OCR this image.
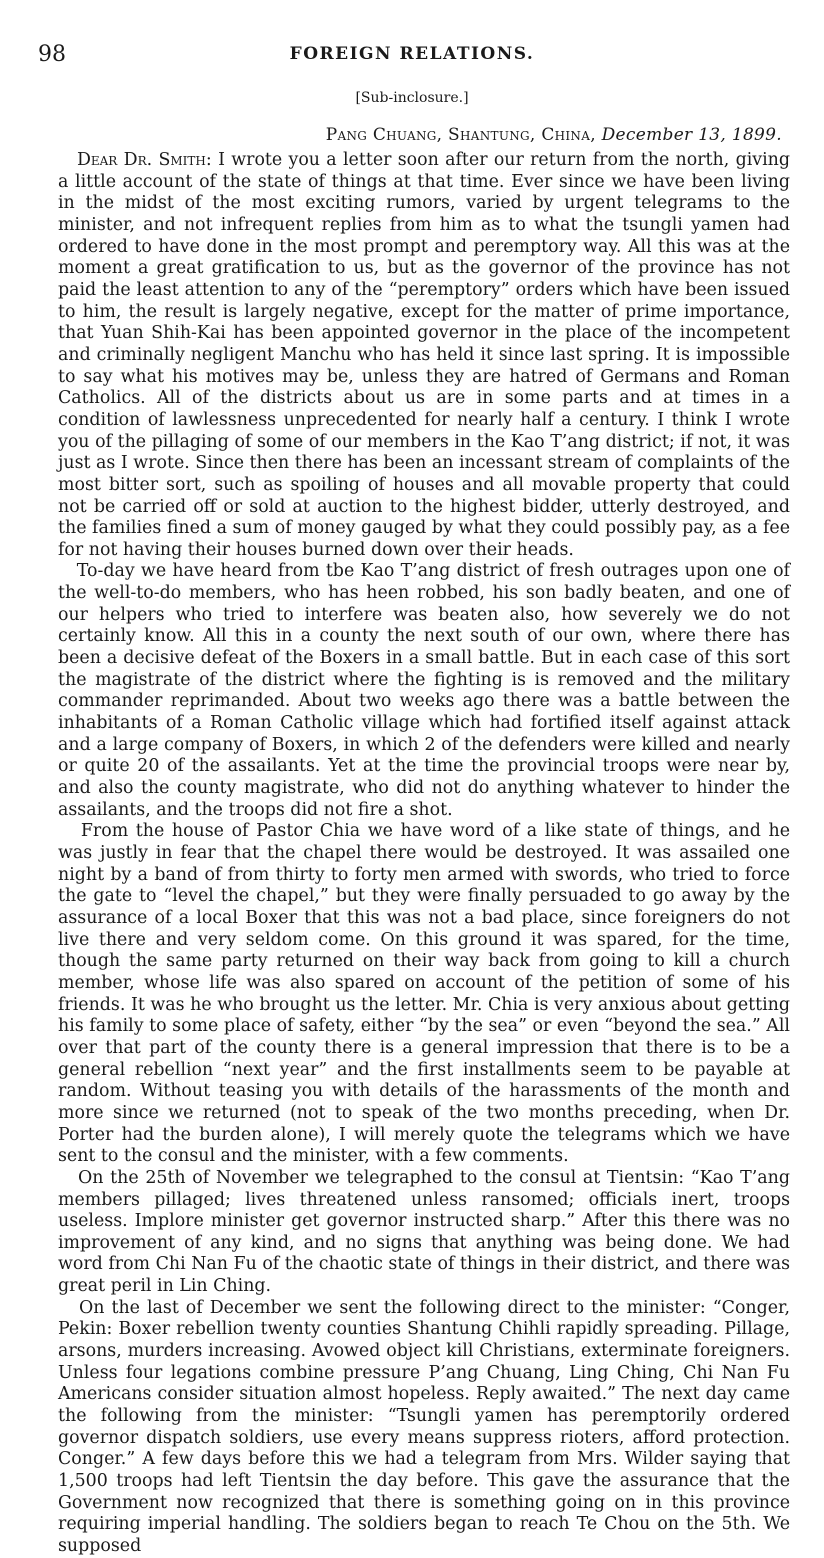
98	FOREIGN RELATIONS.
[Sub-inclosure.]
Pang Chuang, Shantung, China, December 13, 1899.

Dear Dr. Smith: I wrote you a letter soon after our return from the north, giving a little account of the state of things at that time. Ever since we have been living in the midst of the most exciting rumors, varied by urgent telegrams to the minister, and not infrequent replies from him as to what the tsungli yamen had ordered to have done in the most prompt and peremptory way. All this was at the moment a great gratification to us, but as the governor of the province has not paid the least attention to any of the “peremptory” orders which have been issued to him, the result is largely negative, except for the matter of prime importance, that Yuan Shih-Kai has been appointed governor in the place of the incompetent and criminally negligent Manchu who has held it since last spring. It is impossible to say what his motives may be, unless they are hatred of Germans and Roman Catholics. All of the districts about us are in some parts and at times in a condition of lawlessness unprecedented for nearly half a century. I think I wrote you of the pillaging of some of our members in the Kao T’ang district; if not, it was just as I wrote. Since then there has been an incessant stream of complaints of the most bitter sort, such as spoiling of houses and all movable property that could not be carried off or sold at auction to the highest bidder, utterly destroyed, and the families fined a sum of money gauged by what they could possibly pay, as a fee for not having their houses burned down over their heads.

To-day we have heard from tbe Kao T’ang district of fresh outrages upon one of the well-to-do members, who has heen robbed, his son badly beaten, and one of our helpers who tried to interfere was beaten also, how severely we do not certainly know. All this in a county the next south of our own, where there has been a decisive defeat of the Boxers in a small battle. But in each case of this sort the magistrate of the district where the fighting is is removed and the military commander reprimanded. About two weeks ago there was a battle between the inhabitants of a Roman Catholic village which had fortified itself against attack and a large company of Boxers, in which 2 of the defenders were killed and nearly or quite 20 of the assailants. Yet at the time the provincial troops were near by, and also the county magistrate, who did not do anything whatever to hinder the assailants, and the troops did not fire a shot.

From the house of Pastor Chia we have word of a like state of things, and he was justly in fear that the chapel there would be destroyed. It was assailed one night by a band of from thirty to forty men armed with swords, who tried to force the gate to “level the chapel,” but they were finally persuaded to go away by the assurance of a local Boxer that this was not a bad place, since foreigners do not live there and very seldom come. On this ground it was spared, for the time, though the same party returned on their way back from going to kill a church member, whose life was also spared on account of the petition of some of his friends. It was he who brought us the letter. Mr. Chia is very anxious about getting his family to some place of safety, either “by the sea” or even “beyond the sea.” All over that part of the county there is a general impression that there is to be a general rebellion “next year” and the first installments seem to be payable at random. Without teasing you with details of the harassments of the month and more since we returned (not to speak of the two months preceding, when Dr. Porter had the burden alone), I will merely quote the telegrams which we have sent to the consul and the minister, with a few comments.

On the 25th of November we telegraphed to the consul at Tientsin: “Kao T’ang members pillaged; lives threatened unless ransomed; officials inert, troops useless. Implore minister get governor instructed sharp.” After this there was no improvement of any kind, and no signs that anything was being done. We had word from Chi Nan Fu of the chaotic state of things in their district, and there was great peril in Lin Ching.

On the last of December we sent the following direct to the minister: “Conger, Pekin: Boxer rebellion twenty counties Shantung Chihli rapidly spreading. Pillage, arsons, murders increasing. Avowed object kill Christians, exterminate foreigners. Unless four legations combine pressure P’ang Chuang, Ling Ching, Chi Nan Fu Americans consider situation almost hopeless. Reply awaited.” The next day came the following from the minister: “Tsungli yamen has peremptorily ordered governor dispatch soldiers, use every means suppress rioters, afford protection. Conger.” A few days before this we had a telegram from Mrs. Wilder saying that 1,500 troops had left Tientsin the day before. This gave the assurance that the Government now recognized that there is something going on in this province requiring imperial handling. The soldiers began to reach Te Chou on the 5th. We supposed
